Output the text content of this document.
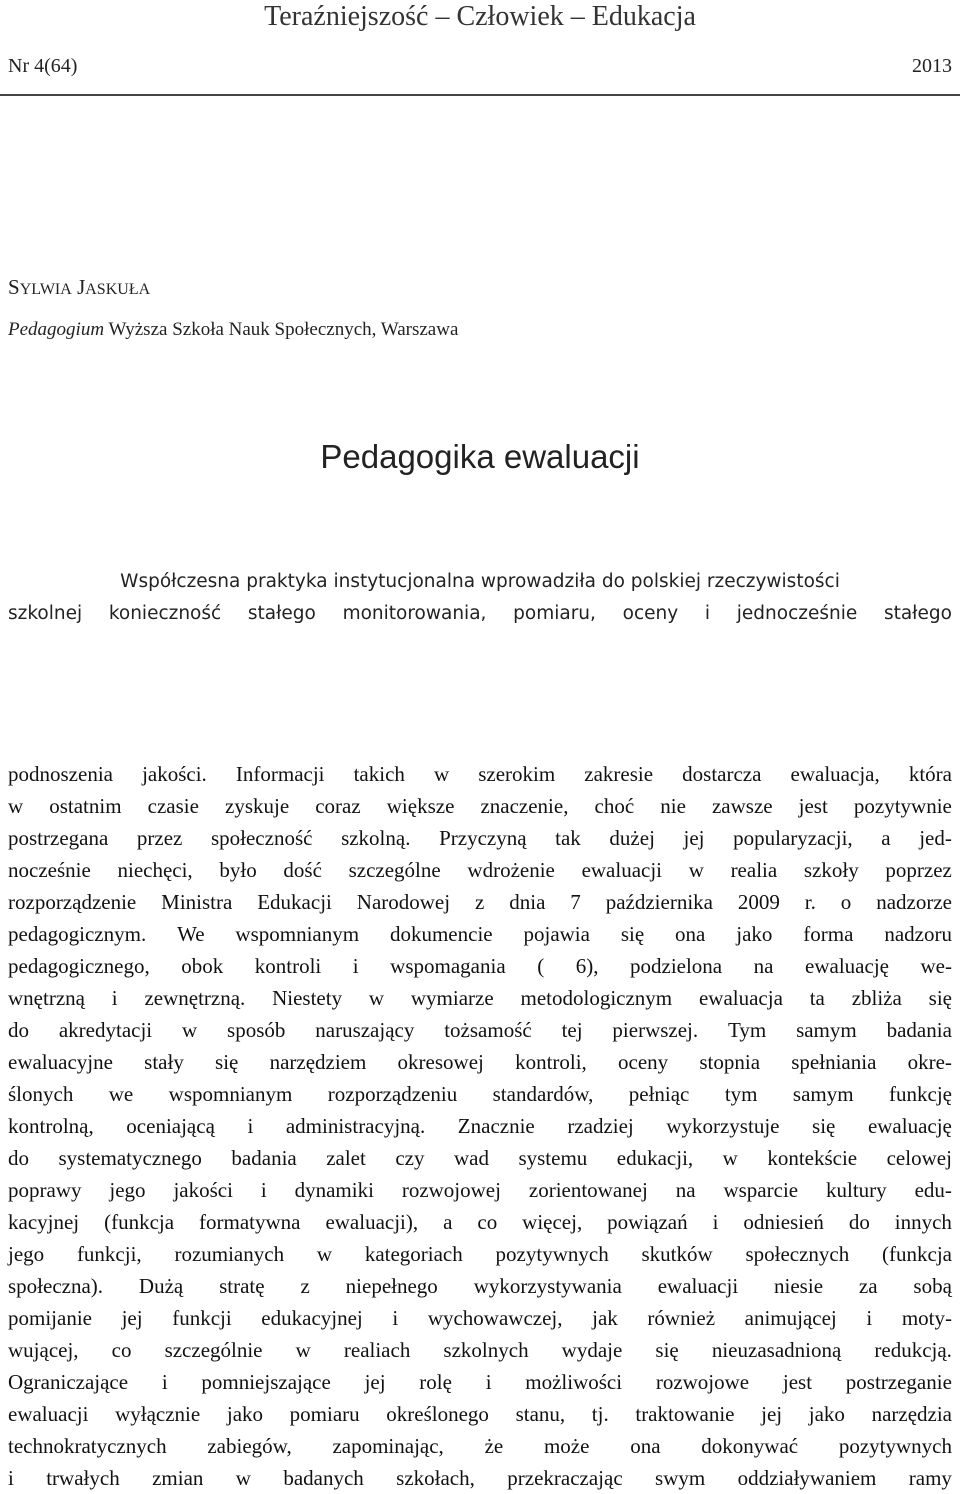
Teraźniejszość – Człowiek – Edukacja
Nr 4(64)	2013
SYLWIA JASKUŁA
Pedagogium Wyższa Szkoła Nauk Społecznych, Warszawa
Pedagogika ewaluacji
Współczesna praktyka instytucjonalna wprowadziła do polskiej rzeczywistości
szkolnej konieczność stałego monitorowania, pomiaru, oceny i jednocześnie stałego
podnoszenia jakości. Informacji takich w szerokim zakresie dostarcza ewaluacja, która
w ostatnim czasie zyskuje coraz większe znaczenie, choć nie zawsze jest pozytywnie
postrzegana przez społeczność szkolną. Przyczyną tak dużej jej popularyzacji, a jed-
nocześnie niechęci, było dość szczególne wdrożenie ewaluacji w realia szkoły poprzez
rozporządzenie Ministra Edukacji Narodowej z dnia 7 października 2009 r. o nadzorze
pedagogicznym. We wspomnianym dokumencie pojawia się ona jako forma nadzoru
pedagogicznego, obok kontroli i wspomagania ( 6), podzielona na ewaluację we-
wnętrzną i zewnętrzną. Niestety w wymiarze metodologicznym ewaluacja ta zbliża się
do akredytacji w sposób naruszający tożsamość tej pierwszej. Tym samym badania
ewaluacyjne stały się narzędziem okresowej kontroli, oceny stopnia spełniania okre-
ślonych we wspomnianym rozporządzeniu standardów, pełniąc tym samym funkcję
kontrolną, oceniającą i administracyjną. Znacznie rzadziej wykorzystuje się ewaluację
do systematycznego badania zalet czy wad systemu edukacji, w kontekście celowej
poprawy jego jakości i dynamiki rozwojowej zorientowanej na wsparcie kultury edu-
kacyjnej (funkcja formatywna ewaluacji), a co więcej, powiązań i odniesień do innych
jego funkcji, rozumianych w kategoriach pozytywnych skutków społecznych (funkcja
społeczna). Dużą stratę z niepełnego wykorzystywania ewaluacji niesie za sobą
pomijanie jej funkcji edukacyjnej i wychowawczej, jak również animującej i moty-
wującej, co szczególnie w realiach szkolnych wydaje się nieuzasadnioną redukcją.
Ograniczające i pomniejszające jej rolę i możliwości rozwojowe jest postrzeganie
ewaluacji wyłącznie jako pomiaru określonego stanu, tj. traktowanie jej jako narzędzia
technokratycznych zabiegów, zapominając, że może ona dokonywać pozytywnych
i trwałych zmian w badanych szkołach, przekraczając swym oddziaływaniem ramy
